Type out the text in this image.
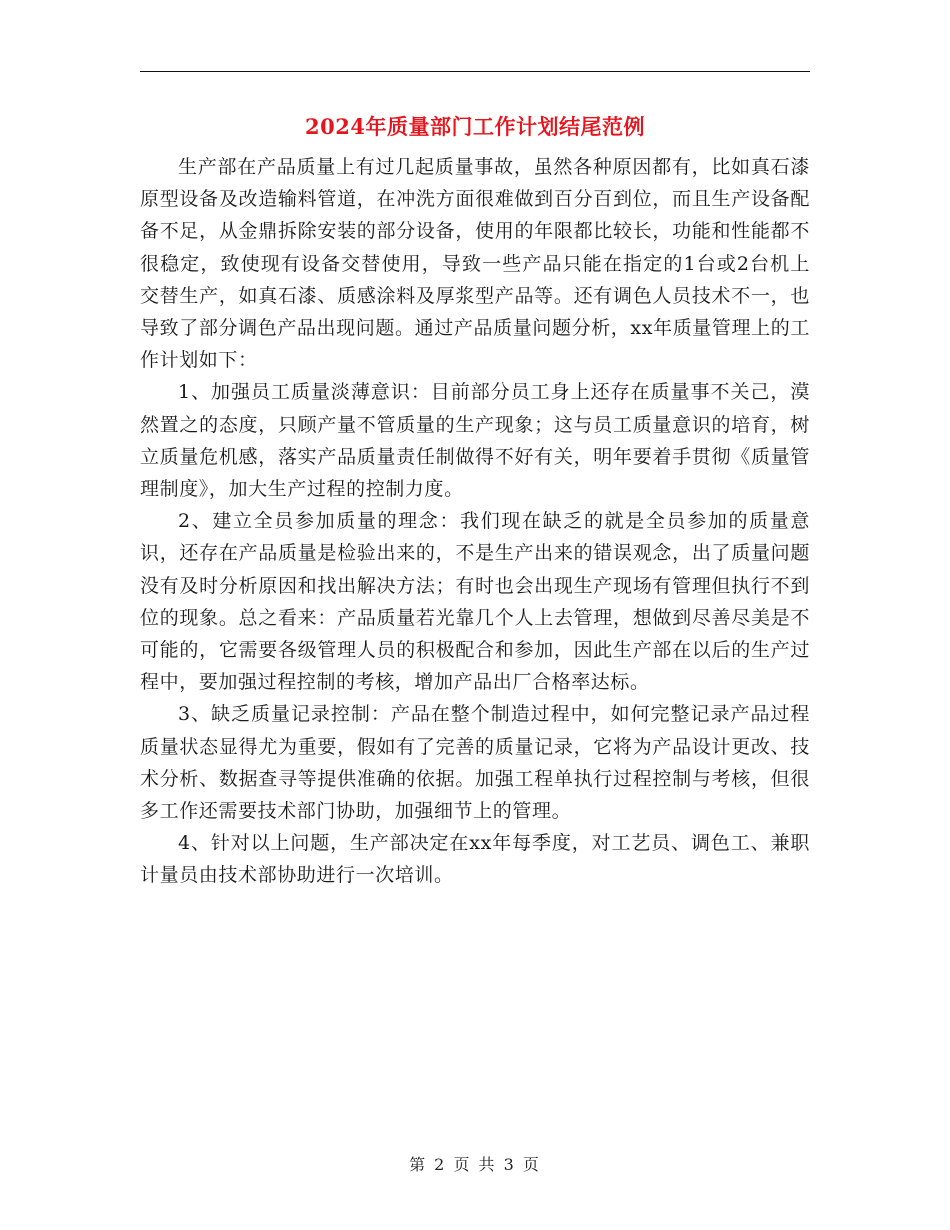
2024年质量部门工作计划结尾范例

生产部在产品质量上有过几起质量事故，虽然各种原因都有，比如真石漆原型设备及改造输料管道，在冲洗方面很难做到百分百到位，而且生产设备配备不足，从金鼎拆除安装的部分设备，使用的年限都比较长，功能和性能都不很稳定，致使现有设备交替使用，导致一些产品只能在指定的1台或2台机上交替生产，如真石漆、质感涂料及厚浆型产品等。还有调色人员技术不一，也导致了部分调色产品出现问题。通过产品质量问题分析，xx年质量管理上的工作计划如下：

1、加强员工质量淡薄意识：目前部分员工身上还存在质量事不关己，漠然置之的态度，只顾产量不管质量的生产现象；这与员工质量意识的培育，树立质量危机感，落实产品质量责任制做得不好有关，明年要着手贯彻《质量管理制度》，加大生产过程的控制力度。

2、建立全员参加质量的理念：我们现在缺乏的就是全员参加的质量意识，还存在产品质量是检验出来的，不是生产出来的错误观念，出了质量问题没有及时分析原因和找出解决方法；有时也会出现生产现场有管理但执行不到位的现象。总之看来：产品质量若光靠几个人上去管理，想做到尽善尽美是不可能的，它需要各级管理人员的积极配合和参加，因此生产部在以后的生产过程中，要加强过程控制的考核，增加产品出厂合格率达标。

3、缺乏质量记录控制：产品在整个制造过程中，如何完整记录产品过程质量状态显得尤为重要，假如有了完善的质量记录，它将为产品设计更改、技术分析、数据查寻等提供准确的依据。加强工程单执行过程控制与考核，但很多工作还需要技术部门协助，加强细节上的管理。

4、针对以上问题，生产部决定在xx年每季度，对工艺员、调色工、兼职计量员由技术部协助进行一次培训。

第 2 页 共 3 页
